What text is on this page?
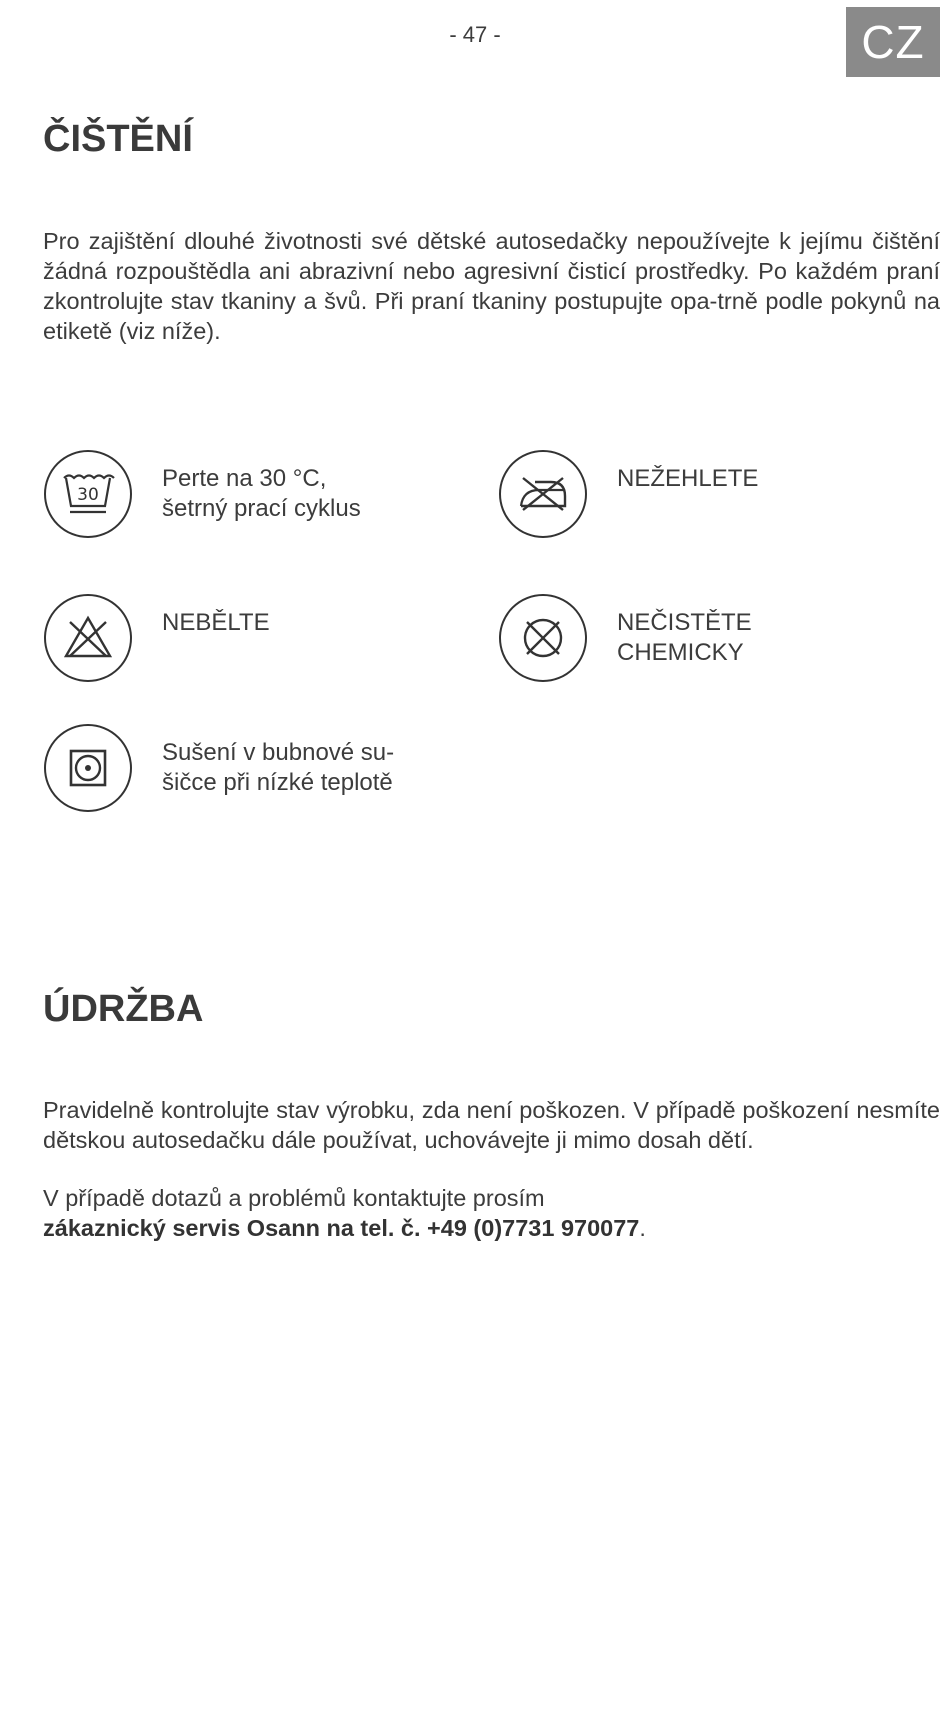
- 47 -	CZ
ČIŠTĚNÍ

Pro zajištění dlouhé životnosti své dětské autosedačky nepoužívejte k jejímu čištění žádná rozpouštědla ani abrazivní nebo agresivní čisticí prostředky. Po každém praní zkontrolujte stav tkaniny a švů. Při praní tkaniny postupujte opa-trně podle pokynů na etiketě (viz níže).

30
Perte na 30 °C,
šetrný prací cyklus
NEŽEHLETE
NEBĚLTE	NEČISTĚTE
CHEMICKY
Sušení v bubnové su-
šičce při nízké teplotě
ÚDRŽBA

Pravidelně kontrolujte stav výrobku, zda není poškozen. V případě poškození nesmíte dětskou autosedačku dále používat, uchovávejte ji mimo dosah dětí.

V případě dotazů a problémů kontaktujte prosím
zákaznický servis Osann na tel. č. +49 (0)7731 970077.
